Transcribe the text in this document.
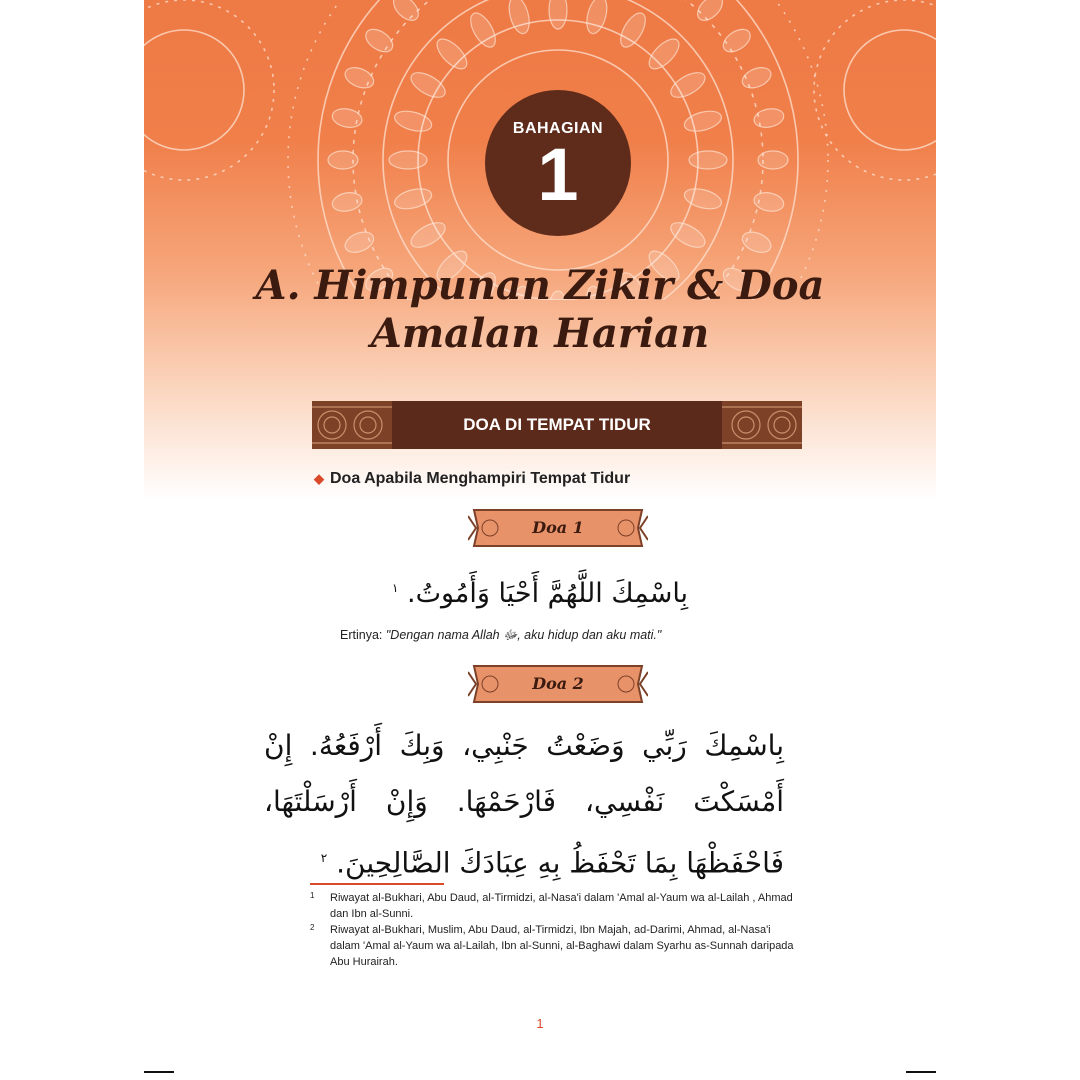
BAHAGIAN
1
A. Himpunan Zikir & Doa
Amalan Harian
DOA DI TEMPAT TIDUR
◆ Doa Apabila Menghampiri Tempat Tidur
Doa 1
بِاسْمِكَ اللَّهُمَّ أَحْيَا وَأَمُوتُ. $^١$
Ertinya: "Dengan nama Allah ﷻ, aku hidup dan aku mati."
Doa 2
بِاسْمِكَ رَبِّي وَضَعْتُ جَنْبِي، وَبِكَ أَرْفَعُهُ. إِنْ أَمْسَكْتَ نَفْسِي، فَارْحَمْهَا. وَإِنْ أَرْسَلْتَهَا، فَاحْفَظْهَا بِمَا تَحْفَظُ بِهِ عِبَادَكَ الصَّالِحِينَ. $^٢$
1 Riwayat al-Bukhari, Abu Daud, al-Tirmidzi, al-Nasa'i dalam 'Amal al-Yaum wa al-Lailah , Ahmad dan Ibn al-Sunni.
2 Riwayat al-Bukhari, Muslim, Abu Daud, al-Tirmidzi, Ibn Majah, ad-Darimi, Ahmad, al-Nasa'i dalam 'Amal al-Yaum wa al-Lailah, Ibn al-Sunni, al-Baghawi dalam Syarhu as-Sunnah daripada Abu Hurairah.
1
